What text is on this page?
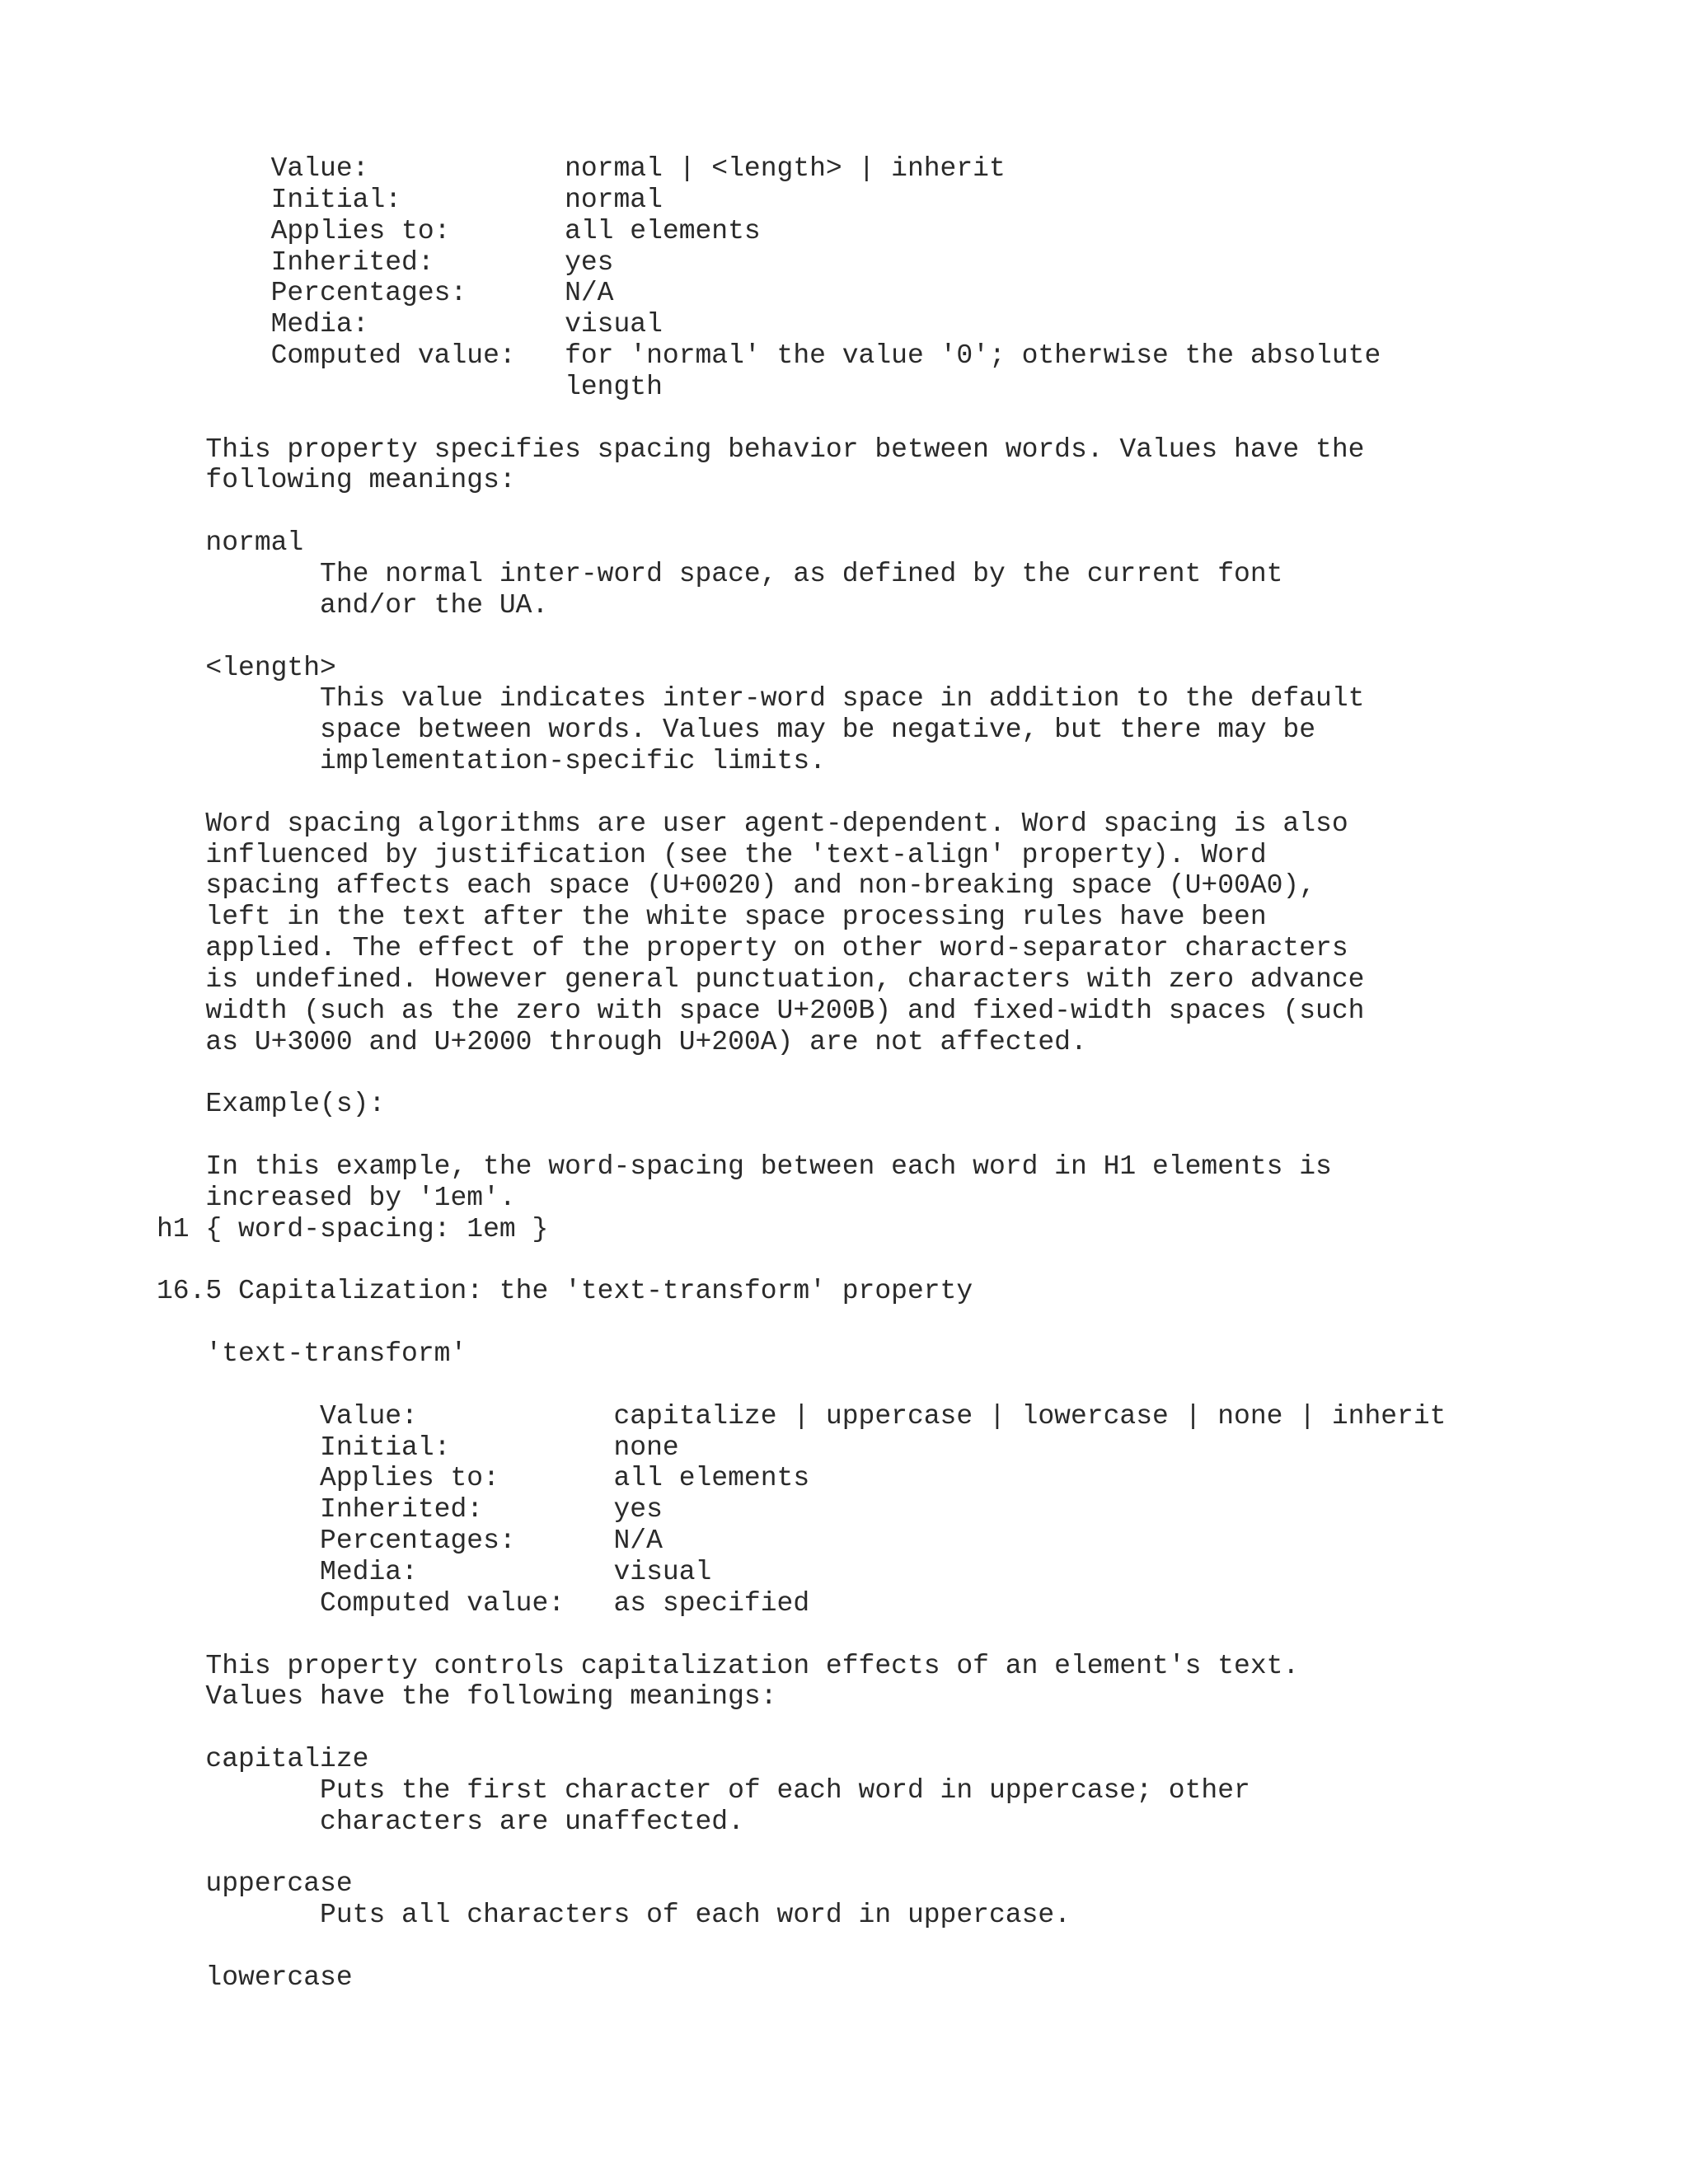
Value:            normal | <length> | inherit
Initial:          normal
Applies to:       all elements
Inherited:        yes
Percentages:      N/A
Media:            visual
Computed value:   for 'normal' the value '0'; otherwise the absolute
length
This property specifies spacing behavior between words. Values have the
following meanings:
normal
The normal inter-word space, as defined by the current font
and/or the UA.
<length>
This value indicates inter-word space in addition to the default
space between words. Values may be negative, but there may be
implementation-specific limits.
Word spacing algorithms are user agent-dependent. Word spacing is also
influenced by justification (see the 'text-align' property). Word
spacing affects each space (U+0020) and non-breaking space (U+00A0),
left in the text after the white space processing rules have been
applied. The effect of the property on other word-separator characters
is undefined. However general punctuation, characters with zero advance
width (such as the zero with space U+200B) and fixed-width spaces (such
as U+3000 and U+2000 through U+200A) are not affected.
Example(s):
In this example, the word-spacing between each word in H1 elements is
increased by '1em'.
h1 { word-spacing: 1em }
16.5 Capitalization: the 'text-transform' property
'text-transform'
Value:            capitalize | uppercase | lowercase | none | inherit
Initial:          none
Applies to:       all elements
Inherited:        yes
Percentages:      N/A
Media:            visual
Computed value:   as specified
This property controls capitalization effects of an element's text.
Values have the following meanings:
capitalize
Puts the first character of each word in uppercase; other
characters are unaffected.
uppercase
Puts all characters of each word in uppercase.
lowercase
